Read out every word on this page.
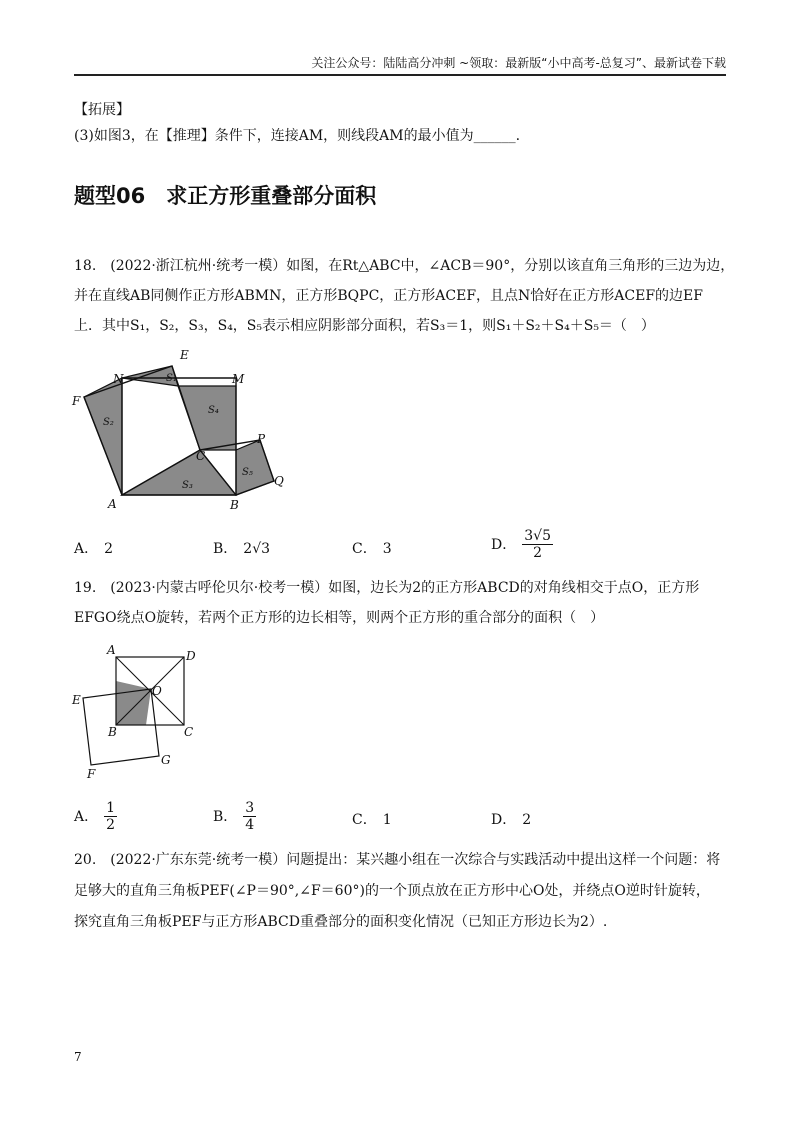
关注公众号：陆陆高分冲刺 ~领取：最新版“小中高考-总复习”、最新试卷下载
【拓展】
(3)如图3，在【推理】条件下，连接AM，则线段AM的最小值为______.
题型06　求正方形重叠部分面积
18.　(2022·浙江杭州·统考一模）如图，在Rt△ABC中，∠ACB＝90°，分别以该直角三角形的三边为边，
并在直线AB同侧作正方形ABMN，正方形BQPC，正方形ACEF，且点N恰好在正方形ACEF的边EF
上．其中S₁，S₂，S₃，S₄，S₅表示相应阴影部分面积，若S₃＝1，则S₁＋S₂＋S₄＋S₅＝（　）
E
N	M
F
S₁
S₂
S₄
S₃
S₅
C
P
Q
A	B
A． 2	B． 2√3	C． 3	D． $\frac{3√5}{2}$
19.　(2023·内蒙古呼伦贝尔·校考一模）如图，边长为2的正方形ABCD的对角线相交于点O，正方形
EFGO绕点O旋转，若两个正方形的边长相等，则两个正方形的重合部分的面积（　）
A	D
O
E
B	C
G
F
A． $\frac{1}{2}$	B． $\frac{3}{4}$	C． 1	D． 2
20.　(2022·广东东莞·统考一模）问题提出：某兴趣小组在一次综合与实践活动中提出这样一个问题：将
足够大的直角三角板PEF(∠P＝90°,∠F＝60°)的一个顶点放在正方形中心O处，并绕点O逆时针旋转，
探究直角三角板PEF与正方形ABCD重叠部分的面积变化情况（已知正方形边长为2）.
7
